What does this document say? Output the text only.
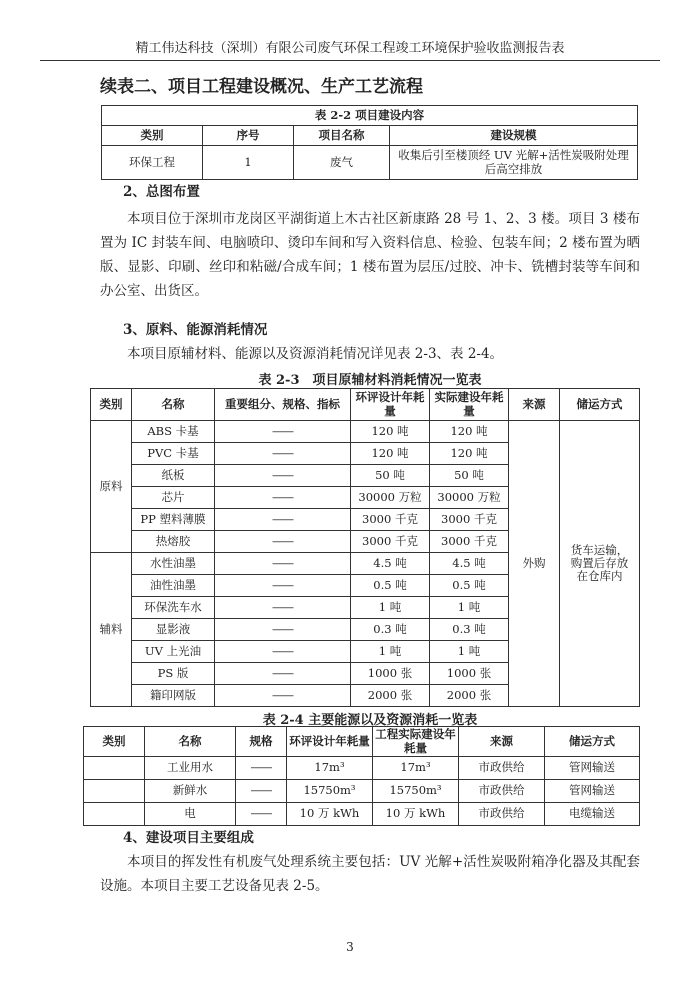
精工伟达科技（深圳）有限公司废气环保工程竣工环境保护验收监测报告表
续表二、项目工程建设概况、生产工艺流程
表 2-2 项目建设内容			
类别	序号	项目名称	建设规模
环保工程	1	废气	收集后引至楼顶经 UV 光解+活性炭吸附处理后高空排放
2、总图布置
本项目位于深圳市龙岗区平湖街道上木古社区新康路 28 号 1、2、3 楼。项目 3 楼布置为 IC 封装车间、电脑喷印、烫印车间和写入资料信息、检验、包装车间；2 楼布置为晒版、显影、印刷、丝印和粘磁/合成车间；1 楼布置为层压/过胶、冲卡、铣槽封装等车间和办公室、出货区。
3、原料、能源消耗情况
本项目原辅材料、能源以及资源消耗情况详见表 2-3、表 2-4。
表 2-3　项目原辅材料消耗情况一览表
类别	名称	重要组分、规格、指标	环评设计年耗量	实际建设年耗量	来源	储运方式
原料	ABS 卡基	——	120 吨	120 吨	外购	货车运输，购置后存放在仓库内
	PVC 卡基	——	120 吨	120 吨		
	纸板	——	50 吨	50 吨		
	芯片	——	30000 万粒	30000 万粒		
	PP 塑料薄膜	——	3000 千克	3000 千克		
	热熔胶	——	3000 千克	3000 千克		
辅料	水性油墨	——	4.5 吨	4.5 吨		
	油性油墨	——	0.5 吨	0.5 吨		
	环保洗车水	——	1 吨	1 吨		
	显影液	——	0.3 吨	0.3 吨		
	UV 上光油	——	1 吨	1 吨		
	PS 版	——	1000 张	1000 张		
	籍印网版	——	2000 张	2000 张		
表 2-4 主要能源以及资源消耗一览表
类别	名称	规格	环评设计年耗量	工程实际建设年耗量	来源	储运方式
	工业用水	——	17m³	17m³	市政供给	管网输送
	新鲜水	——	15750m³	15750m³	市政供给	管网输送
	电	——	10 万 kWh	10 万 kWh	市政供给	电缆输送
4、建设项目主要组成
本项目的挥发性有机废气处理系统主要包括：UV 光解+活性炭吸附箱净化器及其配套设施。本项目主要工艺设备见表 2-5。
3
